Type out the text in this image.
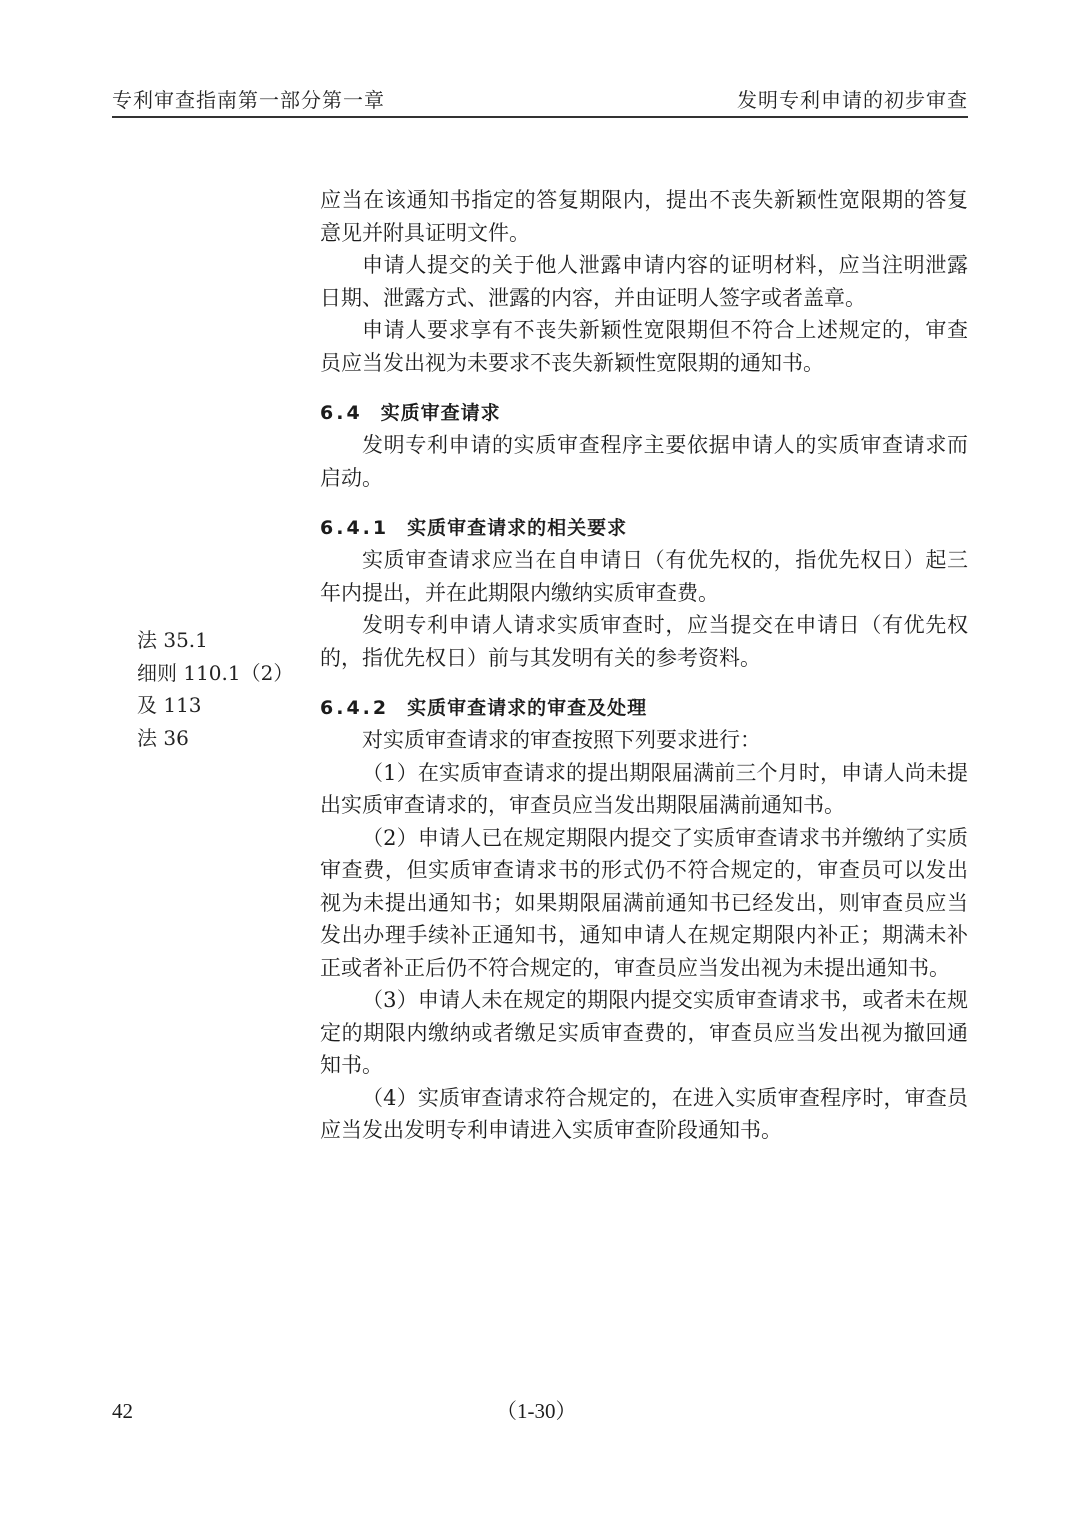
专利审查指南第一部分第一章	发明专利申请的初步审查
法 35.1
细则 110.1（2）
及 113
法 36

应当在该通知书指定的答复期限内，提出不丧失新颖性宽限期的答复意见并附具证明文件。

申请人提交的关于他人泄露申请内容的证明材料，应当注明泄露日期、泄露方式、泄露的内容，并由证明人签字或者盖章。

申请人要求享有不丧失新颖性宽限期但不符合上述规定的，审查员应当发出视为未要求不丧失新颖性宽限期的通知书。

6.4 实质审查请求

发明专利申请的实质审查程序主要依据申请人的实质审查请求而启动。

6.4.1 实质审查请求的相关要求

实质审查请求应当在自申请日（有优先权的，指优先权日）起三年内提出，并在此期限内缴纳实质审查费。

发明专利申请人请求实质审查时，应当提交在申请日（有优先权的，指优先权日）前与其发明有关的参考资料。

6.4.2 实质审查请求的审查及处理

对实质审查请求的审查按照下列要求进行：

（1）在实质审查请求的提出期限届满前三个月时，申请人尚未提出实质审查请求的，审查员应当发出期限届满前通知书。

（2）申请人已在规定期限内提交了实质审查请求书并缴纳了实质审查费，但实质审查请求书的形式仍不符合规定的，审查员可以发出视为未提出通知书；如果期限届满前通知书已经发出，则审查员应当发出办理手续补正通知书，通知申请人在规定期限内补正；期满未补正或者补正后仍不符合规定的，审查员应当发出视为未提出通知书。

（3）申请人未在规定的期限内提交实质审查请求书，或者未在规定的期限内缴纳或者缴足实质审查费的，审查员应当发出视为撤回通知书。

（4）实质审查请求符合规定的，在进入实质审查程序时，审查员应当发出发明专利申请进入实质审查阶段通知书。

42	（1-30）
